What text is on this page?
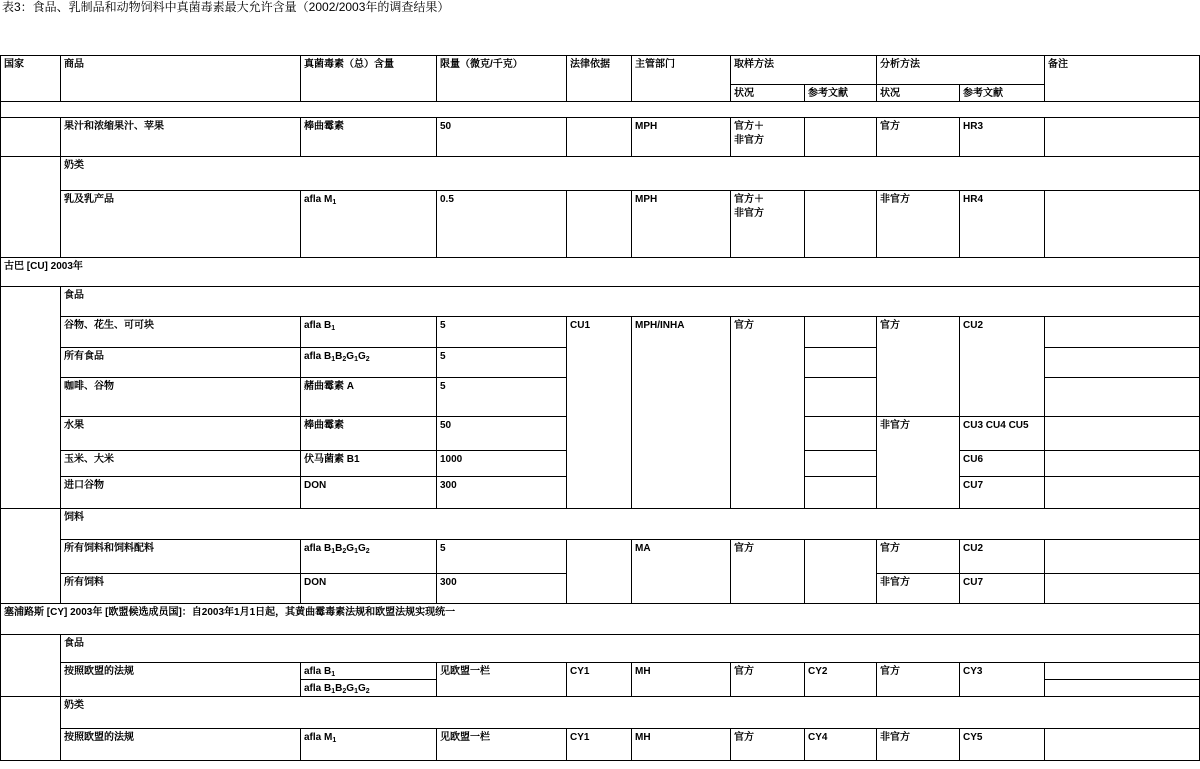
表3：食品、乳制品和动物饲料中真菌毒素最大允许含量（2002/2003年的调查结果）
国家	商品	真菌毒素（总）含量	限量（微克/千克）	法律依据	主管部门	取样方法		分析方法		备注
						状况	参考文献	状况	参考文献	

	果汁和浓缩果汁、苹果	棒曲霉素	50		MPH	官方＋
非官方		官方	HR3	
	奶类									
	乳及乳产品	afla $M_1$	0.5		MPH	官方＋
非官方		非官方	HR4	
古巴 [CU] 2003年										
	食品									
	谷物、花生、可可块	afla $B_1$	5	CU1	MPH/INHA	官方		官方	CU2	
	所有食品	afla $B_1B_2G_1G_2$	5							
	咖啡、谷物	赭曲霉素 A	5							
	水果	棒曲霉素	50					非官方	CU3 CU4 CU5	
	玉米、大米	伏马菌素 B1	1000						CU6	
	进口谷物	DON	300						CU7	
	饲料									
	所有饲料和饲料配料	afla $B_1B_2G_1G_2$	5		MA	官方		官方	CU2	
	所有饲料	DON	300					非官方	CU7	
塞浦路斯 [CY] 2003年 [欧盟候选成员国]：自2003年1月1日起，其黄曲霉毒素法规和欧盟法规实现统一										
	食品									
	按照欧盟的法规	afla $B_1$	见欧盟一栏	CY1	MH	官方	CY2	官方	CY3	
		afla $B_1B_2G_1G_2$	
	奶类									
	按照欧盟的法规	afla $M_1$	见欧盟一栏	CY1	MH	官方	CY4	非官方	CY5	
